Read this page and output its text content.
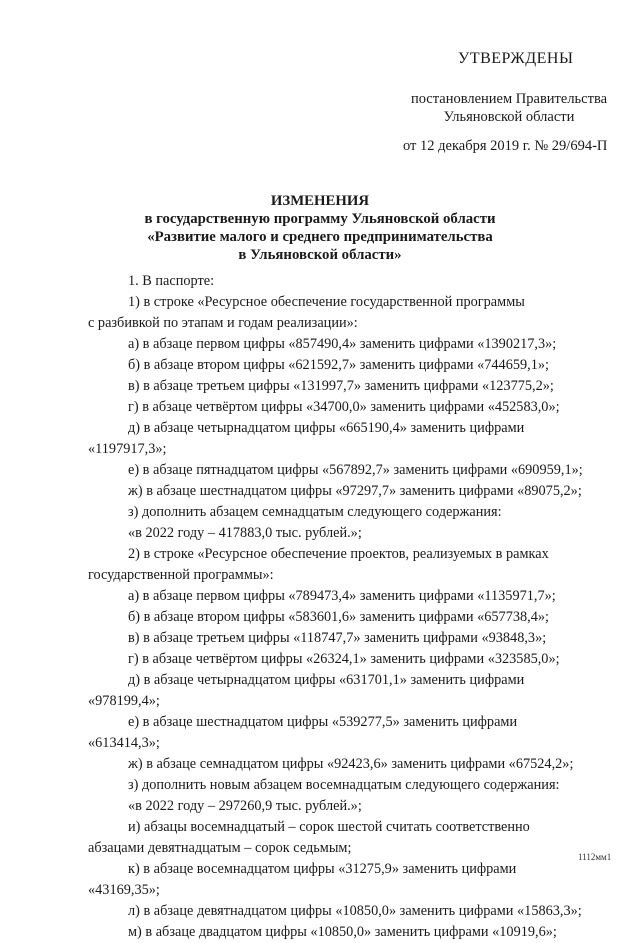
УТВЕРЖДЕНЫ
постановлением Правительства
Ульяновской области
от 12 декабря 2019 г. № 29/694-П
ИЗМЕНЕНИЯ
в государственную программу Ульяновской области
«Развитие малого и среднего предпринимательства
в Ульяновской области»
1. В паспорте:
1) в строке «Ресурсное обеспечение государственной программы
с разбивкой по этапам и годам реализации»:
а) в абзаце первом цифры «857490,4» заменить цифрами «1390217,3»;
б) в абзаце втором цифры «621592,7» заменить цифрами «744659,1»;
в) в абзаце третьем цифры «131997,7» заменить цифрами «123775,2»;
г) в абзаце четвёртом цифры «34700,0» заменить цифрами «452583,0»;
д) в абзаце четырнадцатом цифры «665190,4» заменить цифрами
«1197917,3»;
е) в абзаце пятнадцатом цифры «567892,7» заменить цифрами «690959,1»;
ж) в абзаце шестнадцатом цифры «97297,7» заменить цифрами «89075,2»;
з) дополнить абзацем семнадцатым следующего содержания:
«в 2022 году – 417883,0 тыс. рублей.»;
2) в строке «Ресурсное обеспечение проектов, реализуемых в рамках
государственной программы»:
а) в абзаце первом цифры «789473,4» заменить цифрами «1135971,7»;
б) в абзаце втором цифры «583601,6» заменить цифрами «657738,4»;
в) в абзаце третьем цифры «118747,7» заменить цифрами «93848,3»;
г) в абзаце четвёртом цифры «26324,1» заменить цифрами «323585,0»;
д) в абзаце четырнадцатом цифры «631701,1» заменить цифрами
«978199,4»;
е) в абзаце шестнадцатом цифры «539277,5» заменить цифрами
«613414,3»;
ж) в абзаце семнадцатом цифры «92423,6» заменить цифрами «67524,2»;
з) дополнить новым абзацем восемнадцатым следующего содержания:
«в 2022 году – 297260,9 тыс. рублей.»;
и) абзацы восемнадцатый – сорок шестой считать соответственно
абзацами девятнадцатым – сорок седьмым;
к) в абзаце восемнадцатом цифры «31275,9» заменить цифрами
«43169,35»;
л) в абзаце девятнадцатом цифры «10850,0» заменить цифрами «15863,3»;
м) в абзаце двадцатом цифры «10850,0» заменить цифрами «10919,6»;
1112мм1
